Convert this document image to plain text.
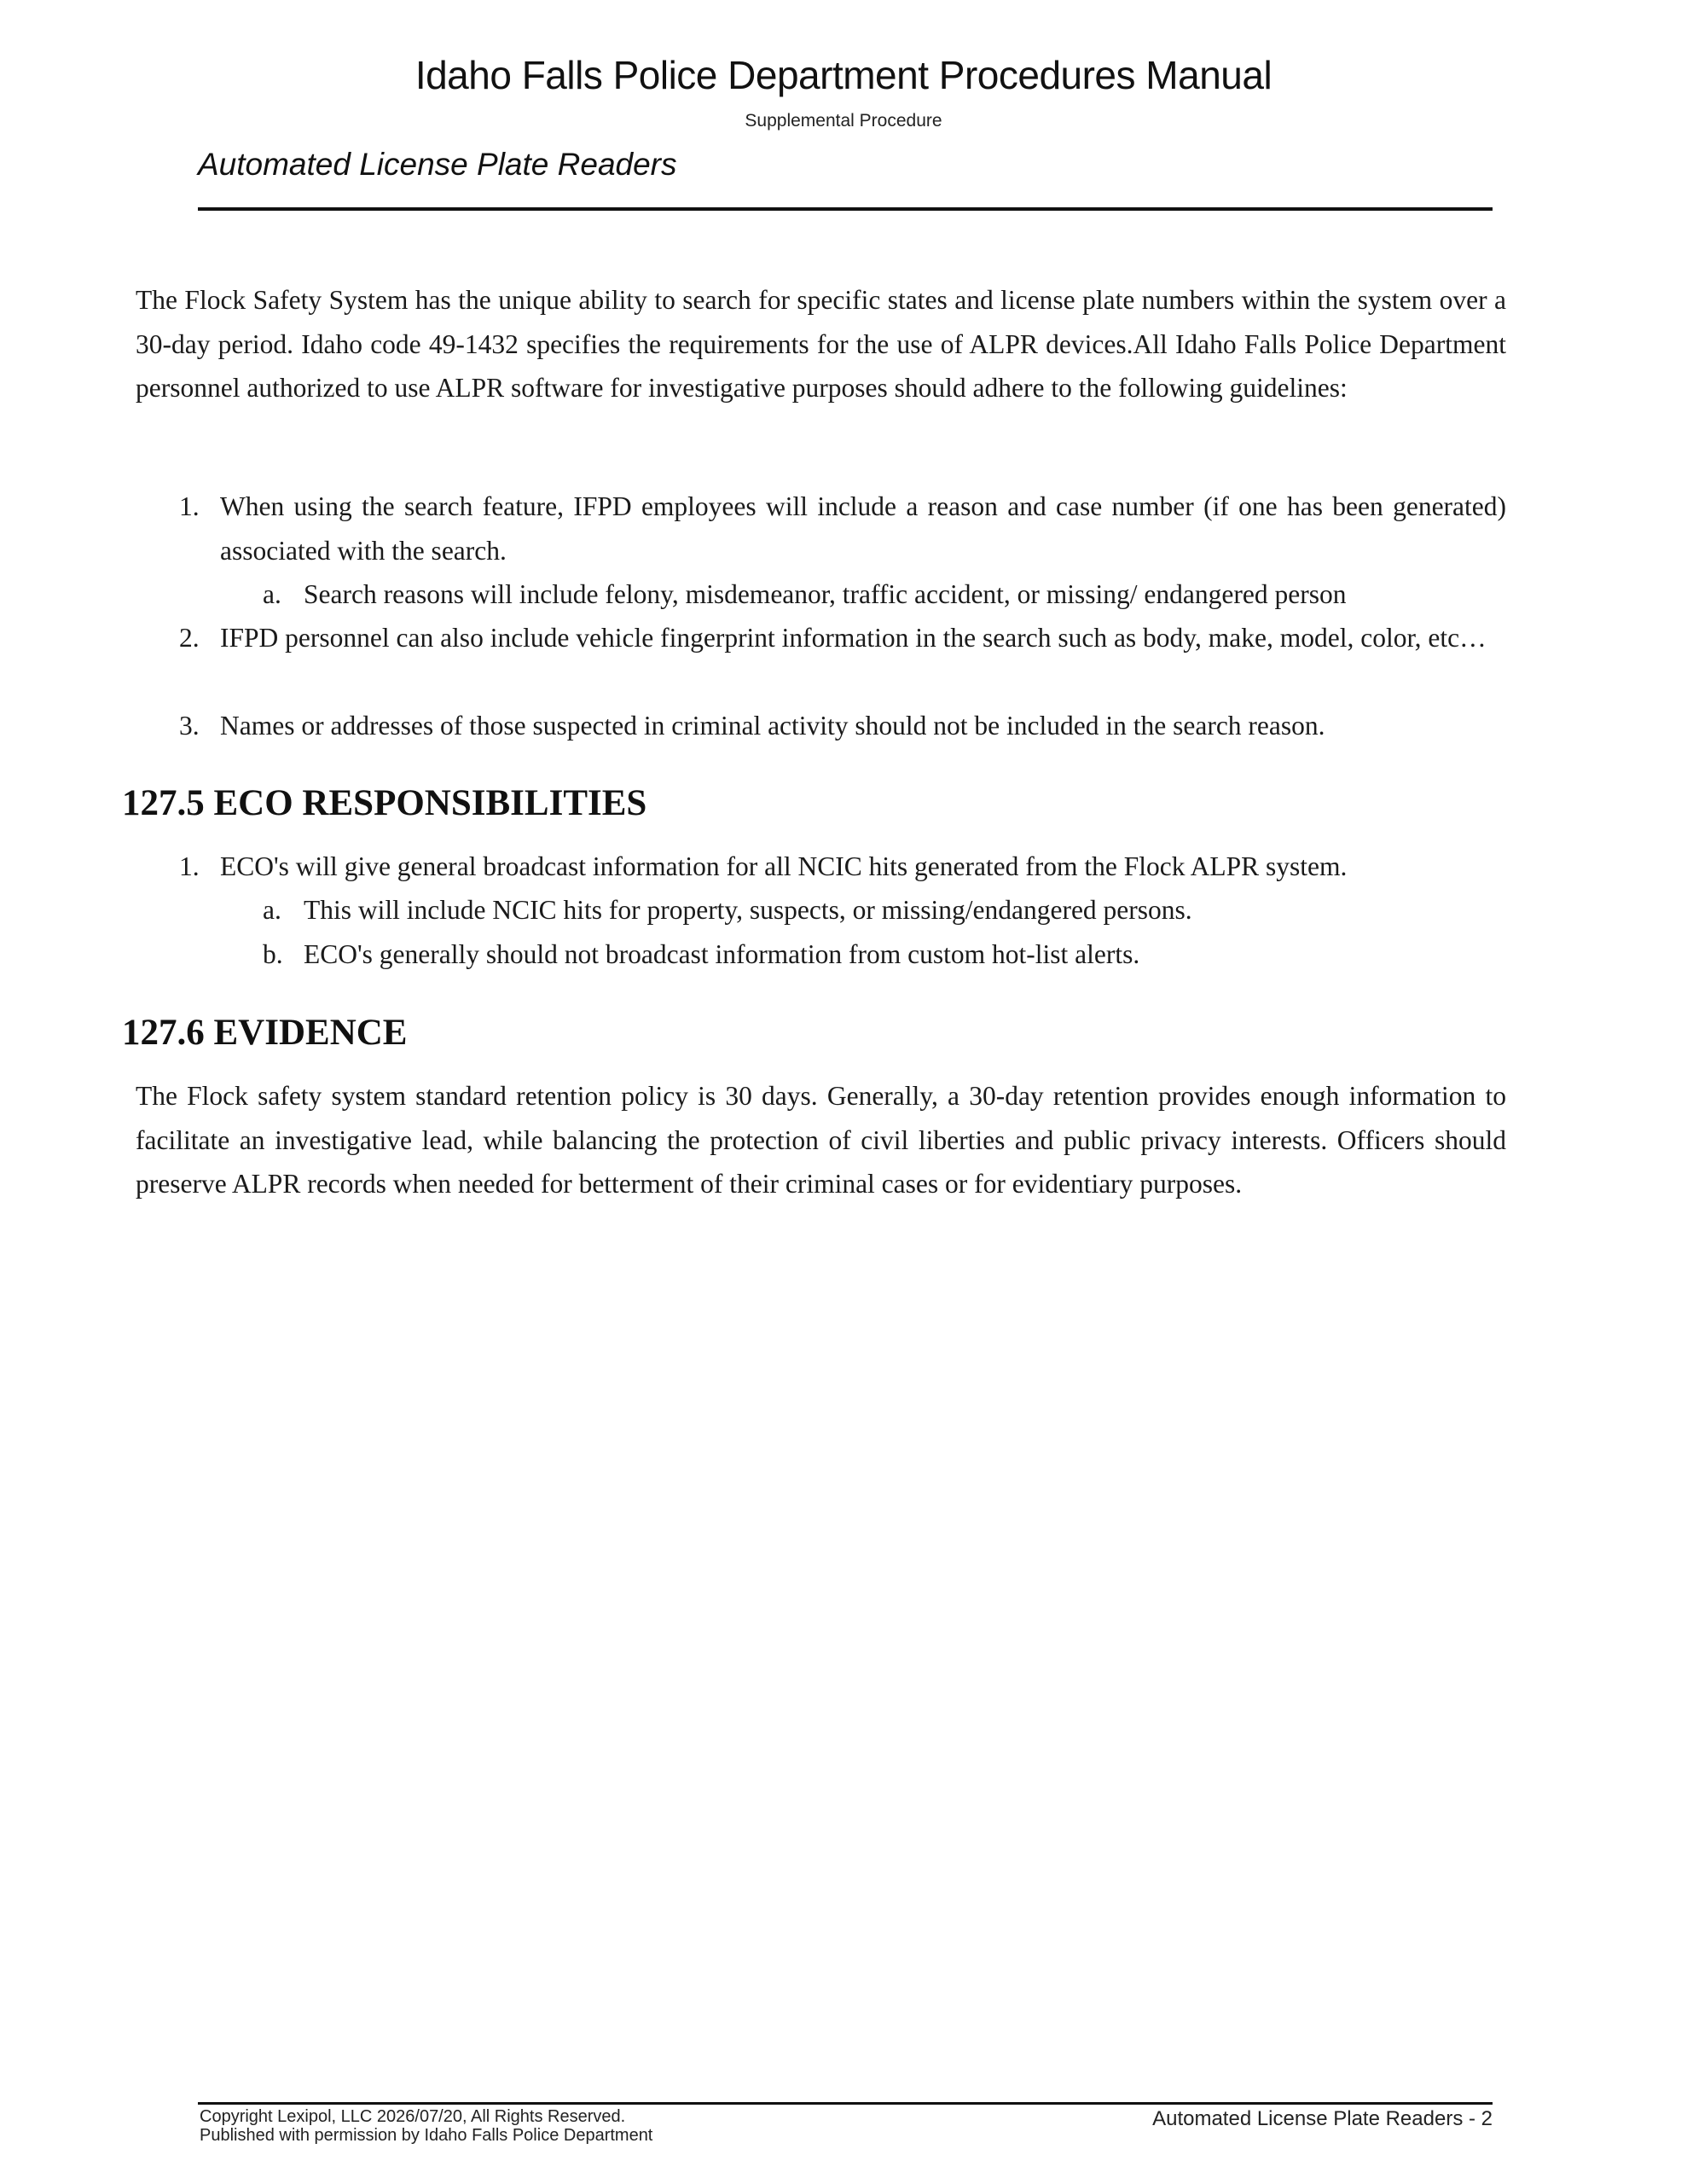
Idaho Falls Police Department Procedures Manual
Supplemental Procedure
Automated License Plate Readers
The Flock Safety System has the unique ability to search for specific states and license plate numbers within the system over a 30-day period. Idaho code 49-1432 specifies the requirements for the use of ALPR devices.All Idaho Falls Police Department personnel authorized to use ALPR software for investigative purposes should adhere to the following guidelines:
1. When using the search feature, IFPD employees will include a reason and case number (if one has been generated) associated with the search.
a. Search reasons will include felony, misdemeanor, traffic accident, or missing/ endangered person
2. IFPD personnel can also include vehicle fingerprint information in the search such as body, make, model, color, etc…
3. Names or addresses of those suspected in criminal activity should not be included in the search reason.
127.5 ECO RESPONSIBILITIES
1. ECO's will give general broadcast information for all NCIC hits generated from the Flock ALPR system.
a. This will include NCIC hits for property, suspects, or missing/endangered persons.
b. ECO's generally should not broadcast information from custom hot-list alerts.
127.6 EVIDENCE
The Flock safety system standard retention policy is 30 days. Generally, a 30-day retention provides enough information to facilitate an investigative lead, while balancing the protection of civil liberties and public privacy interests. Officers should preserve ALPR records when needed for betterment of their criminal cases or for evidentiary purposes.
Copyright Lexipol, LLC 2026/07/20, All Rights Reserved.
Published with permission by Idaho Falls Police Department
Automated License Plate Readers - 2
